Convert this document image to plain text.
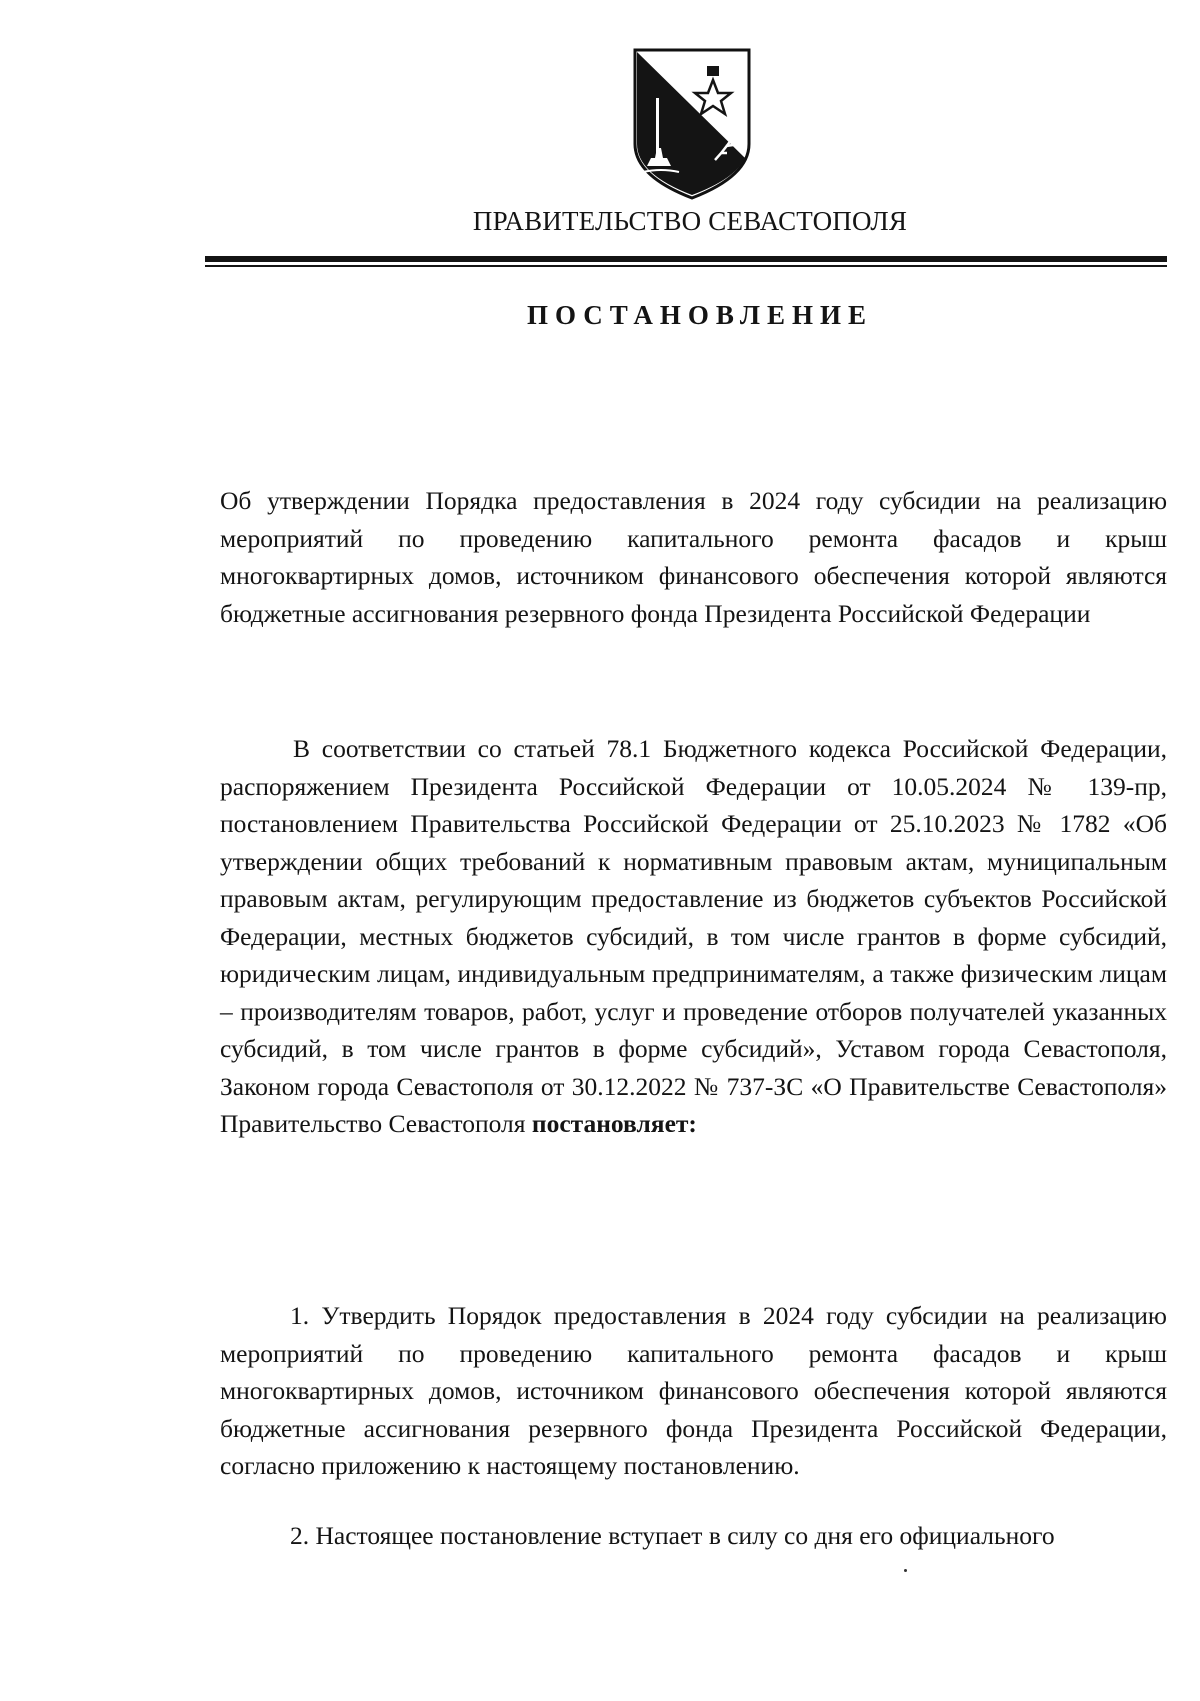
ПРАВИТЕЛЬСТВО СЕВАСТОПОЛЯ
ПОСТАНОВЛЕНИЕ
Об утверждении Порядка предоставления в 2024 году субсидии на реализацию мероприятий по проведению капитального ремонта фасадов и крыш многоквартирных домов, источником финансового обеспечения которой являются бюджетные ассигнования резервного фонда Президента Российской Федерации
В соответствии со статьей 78.1 Бюджетного кодекса Российской Федерации, распоряжением Президента Российской Федерации от 10.05.2024 № 139-пр, постановлением Правительства Российской Федерации от 25.10.2023 № 1782 «Об утверждении общих требований к нормативным правовым актам, муниципальным правовым актам, регулирующим предоставление из бюджетов субъектов Российской Федерации, местных бюджетов субсидий, в том числе грантов в форме субсидий, юридическим лицам, индивидуальным предпринимателям, а также физическим лицам – производителям товаров, работ, услуг и проведение отборов получателей указанных субсидий, в том числе грантов в форме субсидий», Уставом города Севастополя, Законом города Севастополя от 30.12.2022 № 737-ЗС «О Правительстве Севастополя» Правительство Севастополя постановляет:
1. Утвердить Порядок предоставления в 2024 году субсидии на реализацию мероприятий по проведению капитального ремонта фасадов и крыш многоквартирных домов, источником финансового обеспечения которой являются бюджетные ассигнования резервного фонда Президента Российской Федерации, согласно приложению к настоящему постановлению.
2. Настоящее постановление вступает в силу со дня его официального
